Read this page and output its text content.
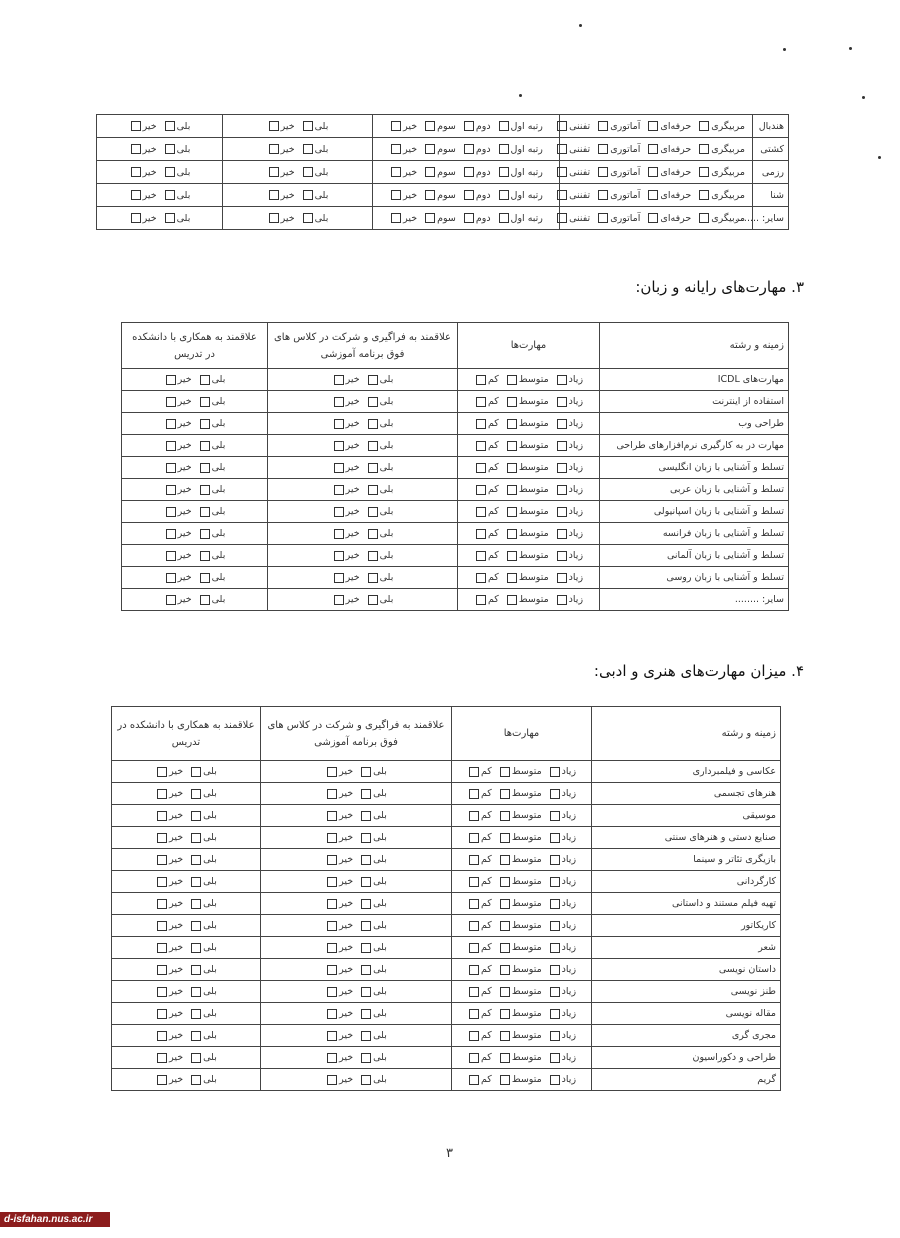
هندبال	مربیگریحرفه‌ایآماتوریتفننی	رتبه اولدومسومخیر	بلیخیر	بلیخیر
کشتی	مربیگریحرفه‌ایآماتوریتفننی	رتبه اولدومسومخیر	بلیخیر	بلیخیر
رزمی	مربیگریحرفه‌ایآماتوریتفننی	رتبه اولدومسومخیر	بلیخیر	بلیخیر
شنا	مربیگریحرفه‌ایآماتوریتفننی	رتبه اولدومسومخیر	بلیخیر	بلیخیر
سایر: ........	مربیگریحرفه‌ایآماتوریتفننی	رتبه اولدومسومخیر	بلیخیر	بلیخیر
۳. مهارت‌های رایانه و زبان:
زمینه و رشته	مهارت‌ها	علاقمند به فراگیری و شرکت در کلاس های فوق برنامه آموزشی	علاقمند به همکاری با دانشکده در تدریس
مهارت‌های ICDL	زیادمتوسطکم	بلیخیر	بلیخیر
استفاده از اینترنت	زیادمتوسطکم	بلیخیر	بلیخیر
طراحی وب	زیادمتوسطکم	بلیخیر	بلیخیر
مهارت در به کارگیری نرم‌افزارهای طراحی	زیادمتوسطکم	بلیخیر	بلیخیر
تسلط و آشنایی با زبان انگلیسی	زیادمتوسطکم	بلیخیر	بلیخیر
تسلط و آشنایی با زبان عربی	زیادمتوسطکم	بلیخیر	بلیخیر
تسلط و آشنایی با زبان اسپانیولی	زیادمتوسطکم	بلیخیر	بلیخیر
تسلط و آشنایی با زبان فرانسه	زیادمتوسطکم	بلیخیر	بلیخیر
تسلط و آشنایی با زبان آلمانی	زیادمتوسطکم	بلیخیر	بلیخیر
تسلط و آشنایی با زبان روسی	زیادمتوسطکم	بلیخیر	بلیخیر
سایر: ........	زیادمتوسطکم	بلیخیر	بلیخیر
۴. میزان مهارت‌های هنری و ادبی:
زمینه و رشته	مهارت‌ها	علاقمند به فراگیری و شرکت در کلاس های فوق برنامه آموزشی	علاقمند به همکاری با دانشکده در تدریس
عکاسی و فیلمبرداری	زیادمتوسطکم	بلیخیر	بلیخیر
هنرهای تجسمی	زیادمتوسطکم	بلیخیر	بلیخیر
موسیقی	زیادمتوسطکم	بلیخیر	بلیخیر
صنایع دستی و هنرهای سنتی	زیادمتوسطکم	بلیخیر	بلیخیر
بازیگری تئاتر و سینما	زیادمتوسطکم	بلیخیر	بلیخیر
کارگردانی	زیادمتوسطکم	بلیخیر	بلیخیر
تهیه فیلم مستند و داستانی	زیادمتوسطکم	بلیخیر	بلیخیر
کاریکاتور	زیادمتوسطکم	بلیخیر	بلیخیر
شعر	زیادمتوسطکم	بلیخیر	بلیخیر
داستان نویسی	زیادمتوسطکم	بلیخیر	بلیخیر
طنز نویسی	زیادمتوسطکم	بلیخیر	بلیخیر
مقاله نویسی	زیادمتوسطکم	بلیخیر	بلیخیر
مجری گری	زیادمتوسطکم	بلیخیر	بلیخیر
طراحی و دکوراسیون	زیادمتوسطکم	بلیخیر	بلیخیر
گریم	زیادمتوسطکم	بلیخیر	بلیخیر
۳
d-isfahan.nus.ac.ir
